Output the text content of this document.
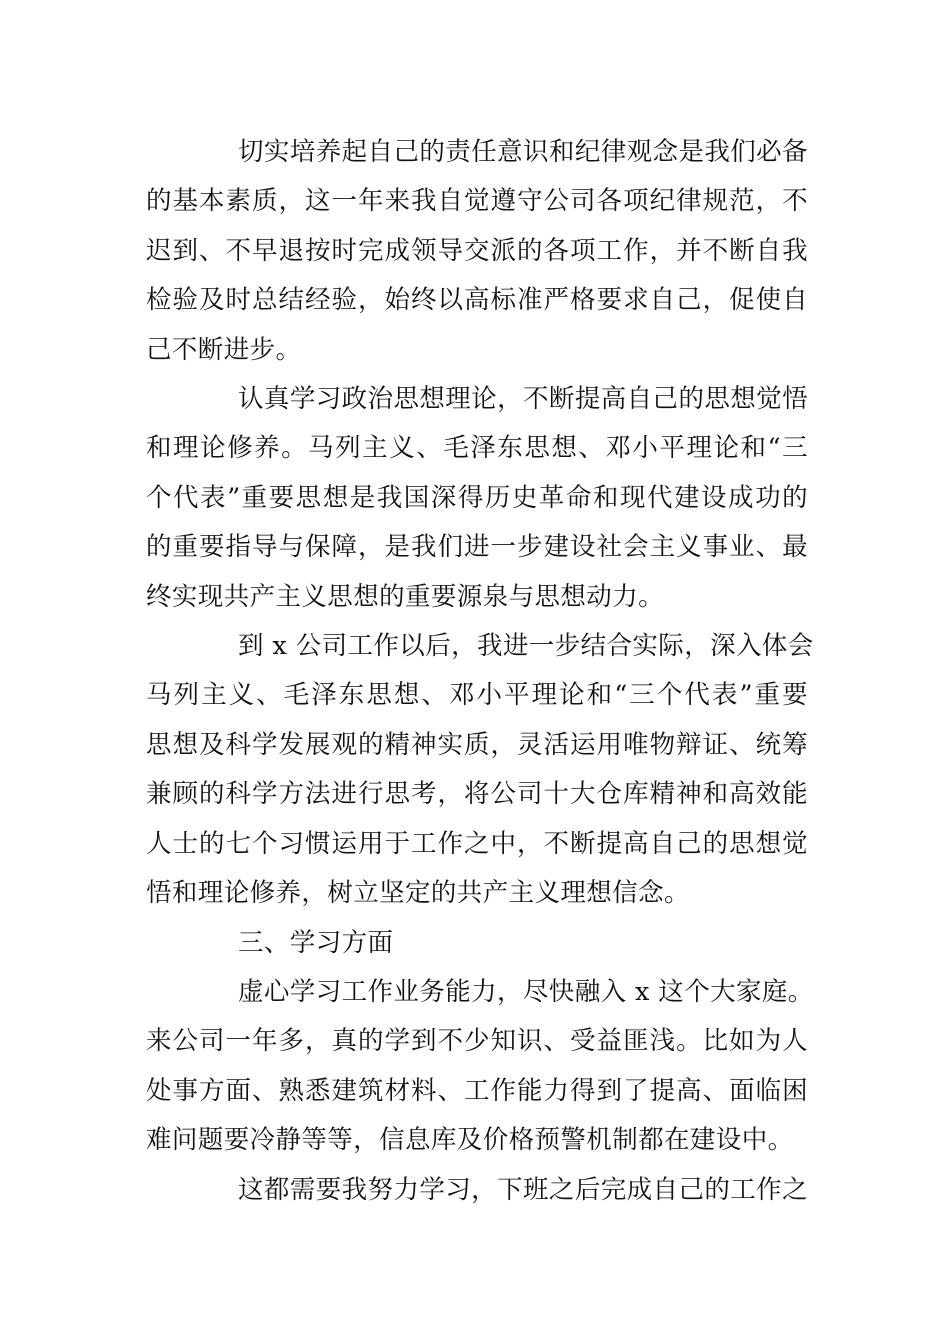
切实培养起自己的责任意识和纪律观念是我们必备
的基本素质，这一年来我自觉遵守公司各项纪律规范，不
迟到、不早退按时完成领导交派的各项工作，并不断自我
检验及时总结经验，始终以高标准严格要求自己，促使自
己不断进步。
认真学习政治思想理论，不断提高自己的思想觉悟
和理论修养。马列主义、毛泽东思想、邓小平理论和“三
个代表”重要思想是我国深得历史革命和现代建设成功的
的重要指导与保障，是我们进一步建设社会主义事业、最
终实现共产主义思想的重要源泉与思想动力。
到 x 公司工作以后，我进一步结合实际，深入体会
马列主义、毛泽东思想、邓小平理论和“三个代表”重要
思想及科学发展观的精神实质，灵活运用唯物辩证、统筹
兼顾的科学方法进行思考，将公司十大仓库精神和高效能
人士的七个习惯运用于工作之中，不断提高自己的思想觉
悟和理论修养，树立坚定的共产主义理想信念。
三、学习方面
虚心学习工作业务能力，尽快融入 x 这个大家庭。
来公司一年多，真的学到不少知识、受益匪浅。比如为人
处事方面、熟悉建筑材料、工作能力得到了提高、面临困
难问题要冷静等等，信息库及价格预警机制都在建设中。
这都需要我努力学习，下班之后完成自己的工作之
